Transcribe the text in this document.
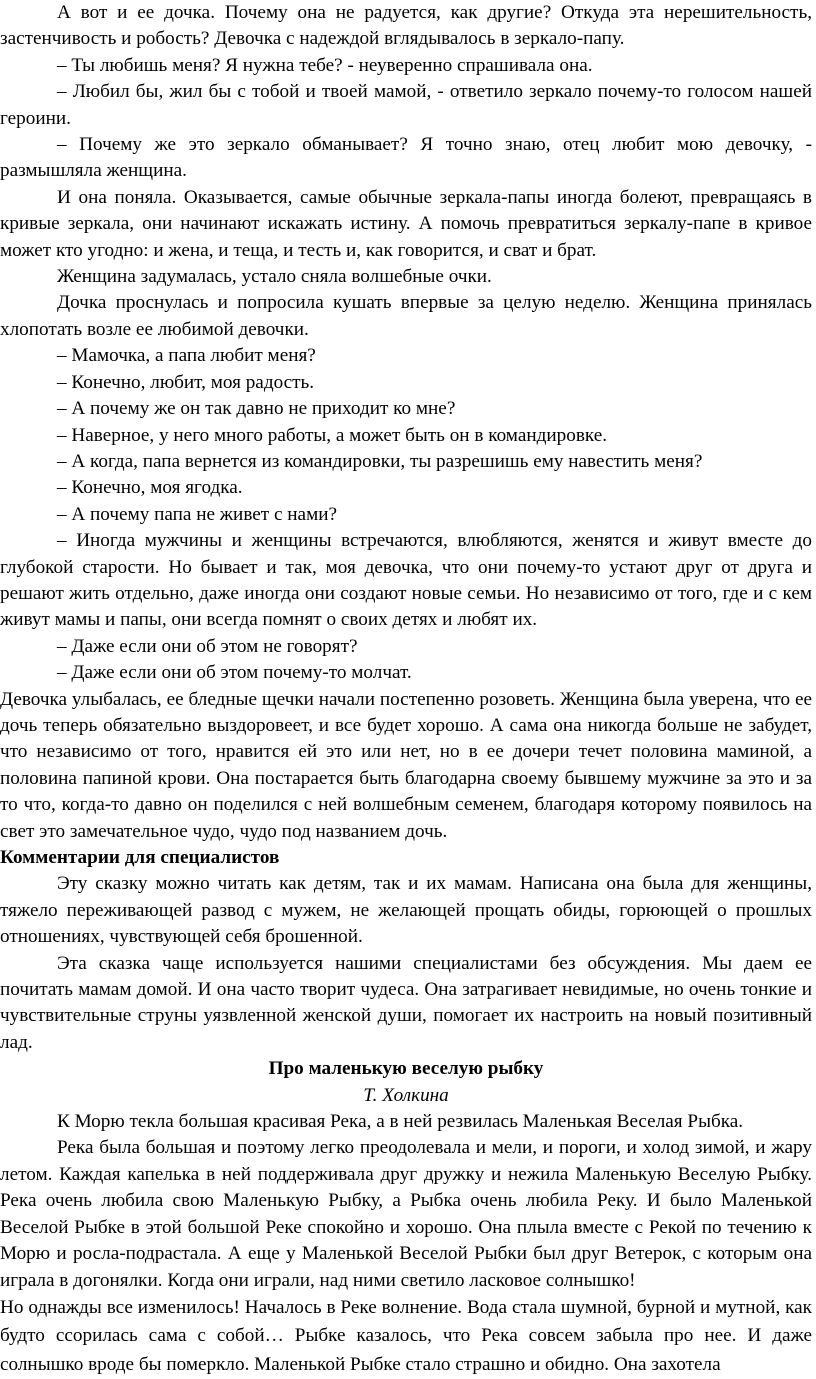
А вот и ее дочка. Почему она не радуется, как другие? Откуда эта нерешительность, застенчивость и робость? Девочка с надеждой вглядывалось в зеркало-папу.

– Ты любишь меня? Я нужна тебе? - неуверенно спрашивала она.

– Любил бы, жил бы с тобой и твоей мамой, - ответило зеркало почему-то голосом нашей героини.

– Почему же это зеркало обманывает? Я точно знаю, отец любит мою девочку, - размышляла женщина.

И она поняла. Оказывается, самые обычные зеркала-папы иногда болеют, превращаясь в кривые зеркала, они начинают искажать истину. А помочь превратиться зеркалу-папе в кривое может кто угодно: и жена, и теща, и тесть и, как говорится, и сват и брат.

Женщина задумалась, устало сняла волшебные очки.

Дочка проснулась и попросила кушать впервые за целую неделю. Женщина принялась хлопотать возле ее любимой девочки.

– Мамочка, а папа любит меня?

– Конечно, любит, моя радость.

– А почему же он так давно не приходит ко мне?

– Наверное, у него много работы, а может быть он в командировке.

– А когда, папа вернется из командировки, ты разрешишь ему навестить меня?

– Конечно, моя ягодка.

– А почему папа не живет с нами?

– Иногда мужчины и женщины встречаются, влюбляются, женятся и живут вместе до глубокой старости. Но бывает и так, моя девочка, что они почему-то устают друг от друга и решают жить отдельно, даже иногда они создают новые семьи. Но независимо от того, где и с кем живут мамы и папы, они всегда помнят о своих детях и любят их.

– Даже если они об этом не говорят?

– Даже если они об этом почему-то молчат.

Девочка улыбалась, ее бледные щечки начали постепенно розоветь. Женщина была уверена, что ее дочь теперь обязательно выздоровеет, и все будет хорошо. А сама она никогда больше не забудет, что независимо от того, нравится ей это или нет, но в ее дочери течет половина маминой, а половина папиной крови. Она постарается быть благодарна своему бывшему мужчине за это и за то что, когда-то давно он поделился с ней волшебным семенем, благодаря которому появилось на свет это замечательное чудо, чудо под названием дочь.

Комментарии для специалистов

Эту сказку можно читать как детям, так и их мамам. Написана она была для женщины, тяжело переживающей развод с мужем, не желающей прощать обиды, горюющей о прошлых отношениях, чувствующей себя брошенной.

Эта сказка чаще используется нашими специалистами без обсуждения. Мы даем ее почитать мамам домой. И она часто творит чудеса. Она затрагивает невидимые, но очень тонкие и чувствительные струны уязвленной женской души, помогает их настроить на новый позитивный лад.

Про маленькую веселую рыбку

Т. Холкина

К Морю текла большая красивая Река, а в ней резвилась Маленькая Веселая Рыбка.

Река была большая и поэтому легко преодолевала и мели, и пороги, и холод зимой, и жару летом. Каждая капелька в ней поддерживала друг дружку и нежила Маленькую Веселую Рыбку. Река очень любила свою Маленькую Рыбку, а Рыбка очень любила Реку. И было Маленькой Веселой Рыбке в этой большой Реке спокойно и хорошо. Она плыла вместе с Рекой по течению к Морю и росла-подрастала. А еще у Маленькой Веселой Рыбки был друг Ветерок, с которым она играла в догонялки. Когда они играли, над ними светило ласковое солнышко!

Но однажды все изменилось! Началось в Реке волнение. Вода стала шумной, бурной и мутной, как будто ссорилась сама с собой… Рыбке казалось, что Река совсем забыла про нее. И даже солнышко вроде бы померкло. Маленькой Рыбке стало страшно и обидно. Она захотела
